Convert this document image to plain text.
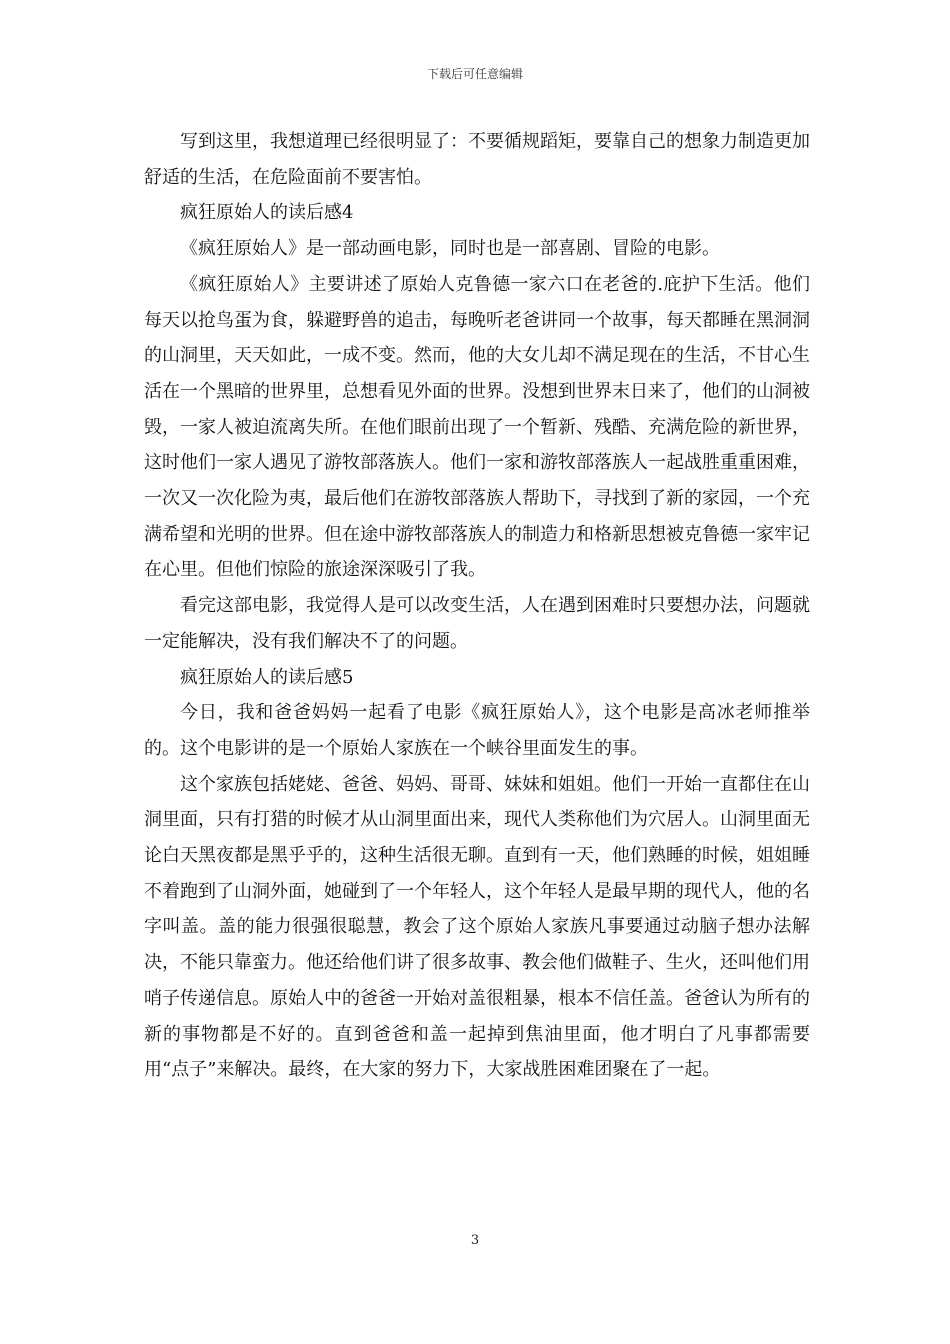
下载后可任意编辑

写到这里，我想道理已经很明显了：不要循规蹈矩，要靠自己的想象力制造更加舒适的生活，在危险面前不要害怕。

疯狂原始人的读后感4

《疯狂原始人》是一部动画电影，同时也是一部喜剧、冒险的电影。

《疯狂原始人》主要讲述了原始人克鲁德一家六口在老爸的.庇护下生活。他们每天以抢鸟蛋为食，躲避野兽的追击，每晚听老爸讲同一个故事，每天都睡在黑洞洞的山洞里，天天如此，一成不变。然而，他的大女儿却不满足现在的生活，不甘心生活在一个黑暗的世界里，总想看见外面的世界。没想到世界末日来了，他们的山洞被毁，一家人被迫流离失所。在他们眼前出现了一个暂新、残酷、充满危险的新世界，这时他们一家人遇见了游牧部落族人。他们一家和游牧部落族人一起战胜重重困难，一次又一次化险为夷，最后他们在游牧部落族人帮助下，寻找到了新的家园，一个充满希望和光明的世界。但在途中游牧部落族人的制造力和格新思想被克鲁德一家牢记在心里。但他们惊险的旅途深深吸引了我。

看完这部电影，我觉得人是可以改变生活，人在遇到困难时只要想办法，问题就一定能解决，没有我们解决不了的问题。

疯狂原始人的读后感5

今日，我和爸爸妈妈一起看了电影《疯狂原始人》，这个电影是高冰老师推举的。这个电影讲的是一个原始人家族在一个峡谷里面发生的事。

这个家族包括姥姥、爸爸、妈妈、哥哥、妹妹和姐姐。他们一开始一直都住在山洞里面，只有打猎的时候才从山洞里面出来，现代人类称他们为穴居人。山洞里面无论白天黑夜都是黑乎乎的，这种生活很无聊。直到有一天，他们熟睡的时候，姐姐睡不着跑到了山洞外面，她碰到了一个年轻人，这个年轻人是最早期的现代人，他的名字叫盖。盖的能力很强很聪慧，教会了这个原始人家族凡事要通过动脑子想办法解决，不能只靠蛮力。他还给他们讲了很多故事、教会他们做鞋子、生火，还叫他们用哨子传递信息。原始人中的爸爸一开始对盖很粗暴，根本不信任盖。爸爸认为所有的新的事物都是不好的。直到爸爸和盖一起掉到焦油里面，他才明白了凡事都需要用“点子”来解决。最终，在大家的努力下，大家战胜困难团聚在了一起。

3
